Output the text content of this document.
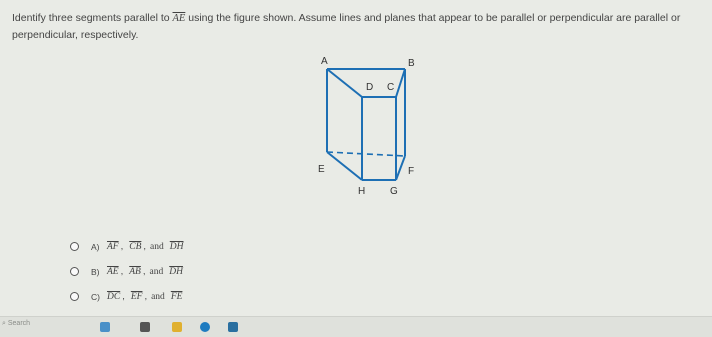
Identify three segments parallel to $\overline{AE}$ using the figure shown. Assume lines and planes that appear to be parallel or perpendicular are parallel or perpendicular, respectively.
A	B
D C
E	F
H G
A) $\overline{AF}$ , $\overline{CB}$ , and $\overline{DH}$
B) $\overline{AE}$ , $\overline{AB}$ , and $\overline{DH}$
C) $\overline{DC}$ , $\overline{EF}$ , and $\overline{FE}$
⌕ Search
